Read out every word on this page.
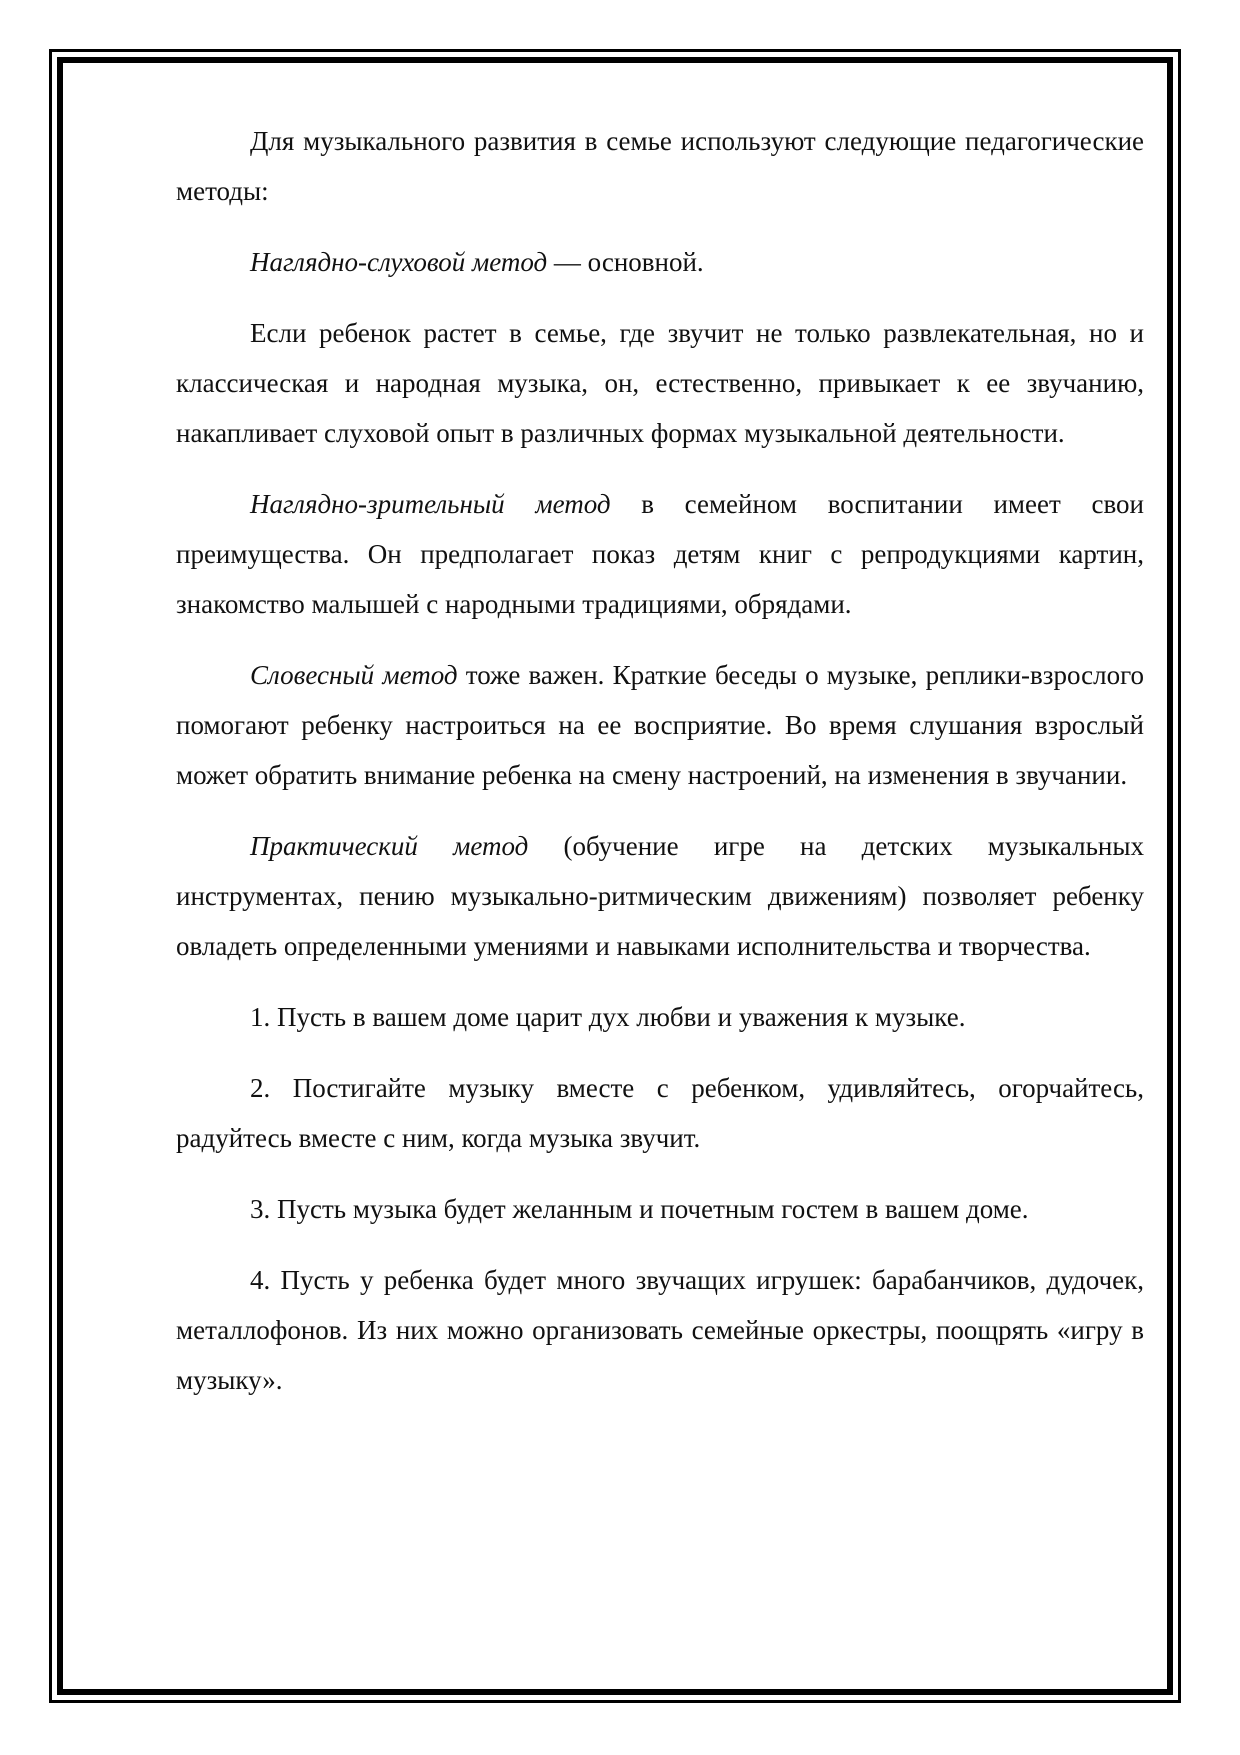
Для музыкального развития в семье используют следующие педагогические методы:

Наглядно-слуховой метод — основной.

Если ребенок растет в семье, где звучит не только развлекательная, но и классическая и народная музыка, он, естественно, привыкает к ее звучанию, накапливает слуховой опыт в различных формах музыкальной деятельности.

Наглядно-зрительный метод в семейном воспитании имеет свои преимущества. Он предполагает показ детям книг с репродукциями картин, знакомство малышей с народными традициями, обрядами.

Словесный метод тоже важен. Краткие беседы о музыке, реплики-взрослого помогают ребенку настроиться на ее восприятие. Во время слушания взрослый может обратить внимание ребенка на смену настроений, на изменения в звучании.

Практический метод (обучение игре на детских музыкальных инструментах, пению музыкально-ритмическим движениям) позволяет ребенку овладеть определенными умениями и навыками исполнительства и творчества.

1. Пусть в вашем доме царит дух любви и уважения к музыке.

2. Постигайте музыку вместе с ребенком, удивляйтесь, огорчайтесь, радуйтесь вместе с ним, когда музыка звучит.

3. Пусть музыка будет желанным и почетным гостем в вашем доме.

4. Пусть у ребенка будет много звучащих игрушек: барабанчиков, дудочек, металлофонов. Из них можно организовать семейные оркестры, поощрять «игру в музыку».
